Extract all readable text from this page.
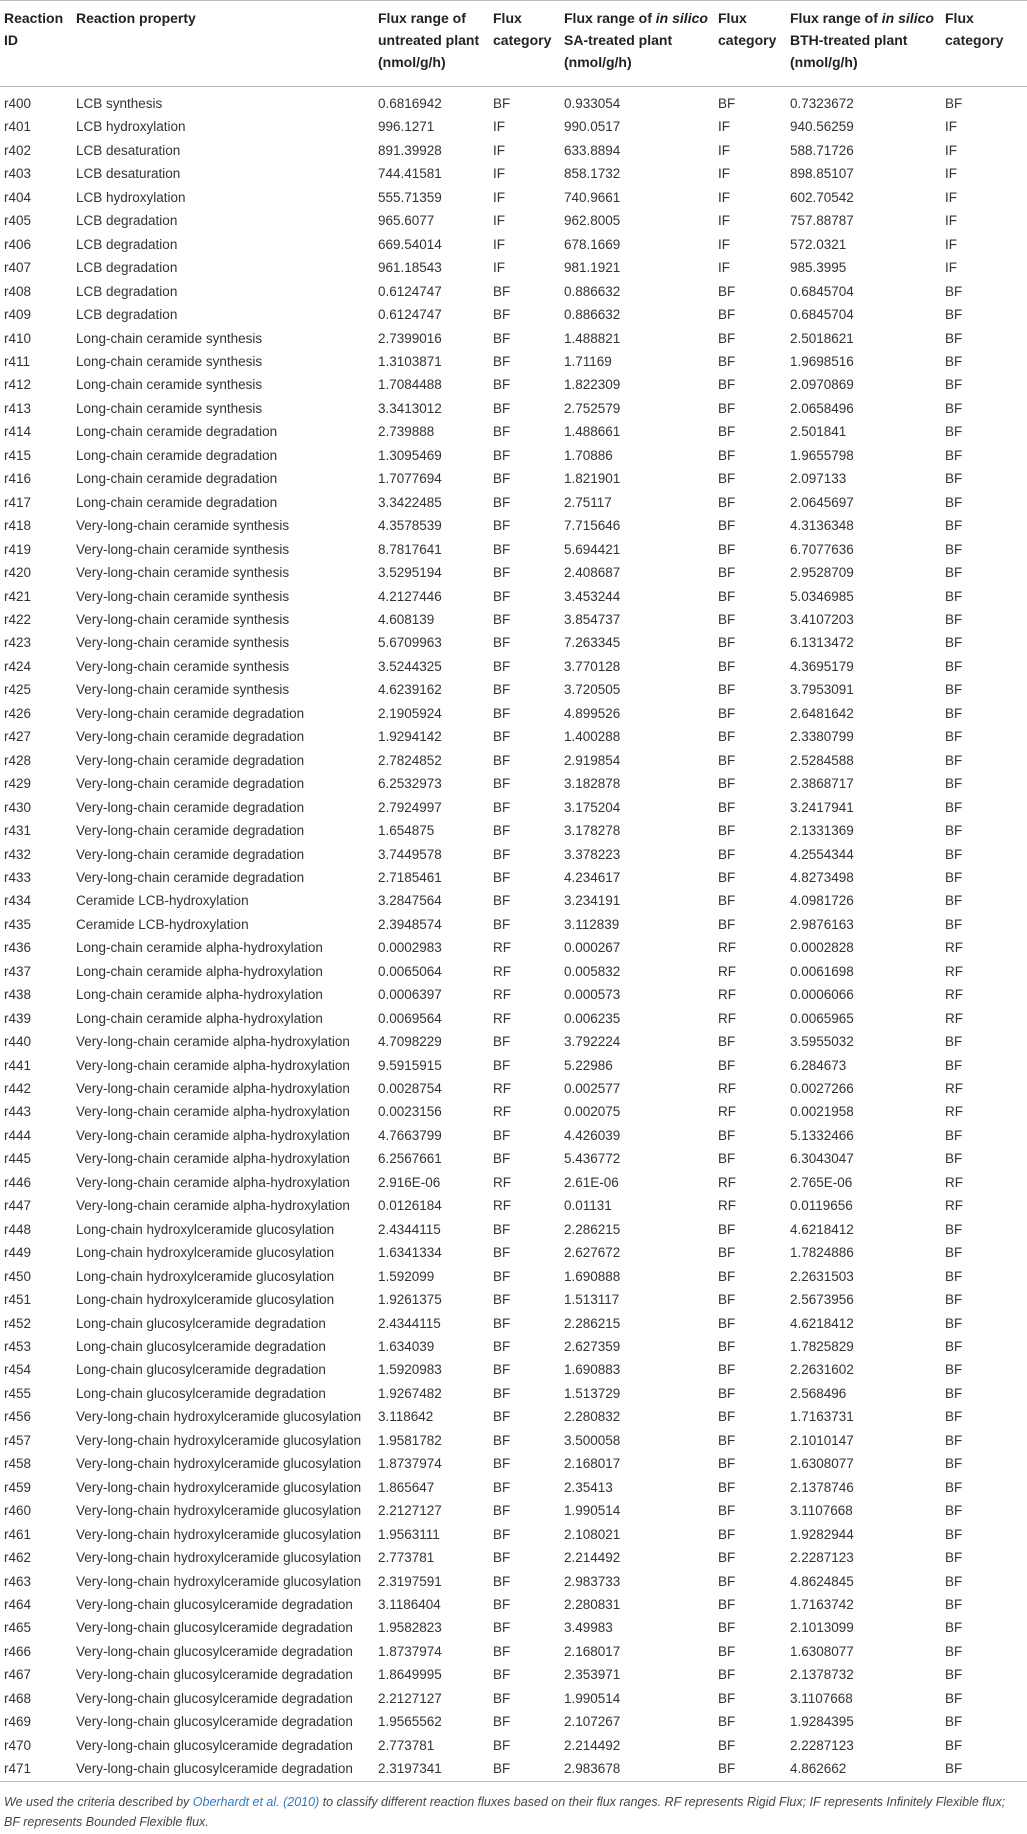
Reaction ID	Reaction property	Flux range of untreated plant (nmol/g/h)	Flux category	Flux range of in silico SA-treated plant (nmol/g/h)	Flux category	Flux range of in silico BTH-treated plant (nmol/g/h)	Flux category
r400	LCB synthesis	0.6816942	BF	0.933054	BF	0.7323672	BF
r401	LCB hydroxylation	996.1271	IF	990.0517	IF	940.56259	IF
r402	LCB desaturation	891.39928	IF	633.8894	IF	588.71726	IF
r403	LCB desaturation	744.41581	IF	858.1732	IF	898.85107	IF
r404	LCB hydroxylation	555.71359	IF	740.9661	IF	602.70542	IF
r405	LCB degradation	965.6077	IF	962.8005	IF	757.88787	IF
r406	LCB degradation	669.54014	IF	678.1669	IF	572.0321	IF
r407	LCB degradation	961.18543	IF	981.1921	IF	985.3995	IF
r408	LCB degradation	0.6124747	BF	0.886632	BF	0.6845704	BF
r409	LCB degradation	0.6124747	BF	0.886632	BF	0.6845704	BF
r410	Long-chain ceramide synthesis	2.7399016	BF	1.488821	BF	2.5018621	BF
r411	Long-chain ceramide synthesis	1.3103871	BF	1.71169	BF	1.9698516	BF
r412	Long-chain ceramide synthesis	1.7084488	BF	1.822309	BF	2.0970869	BF
r413	Long-chain ceramide synthesis	3.3413012	BF	2.752579	BF	2.0658496	BF
r414	Long-chain ceramide degradation	2.739888	BF	1.488661	BF	2.501841	BF
r415	Long-chain ceramide degradation	1.3095469	BF	1.70886	BF	1.9655798	BF
r416	Long-chain ceramide degradation	1.7077694	BF	1.821901	BF	2.097133	BF
r417	Long-chain ceramide degradation	3.3422485	BF	2.75117	BF	2.0645697	BF
r418	Very-long-chain ceramide synthesis	4.3578539	BF	7.715646	BF	4.3136348	BF
r419	Very-long-chain ceramide synthesis	8.7817641	BF	5.694421	BF	6.7077636	BF
r420	Very-long-chain ceramide synthesis	3.5295194	BF	2.408687	BF	2.9528709	BF
r421	Very-long-chain ceramide synthesis	4.2127446	BF	3.453244	BF	5.0346985	BF
r422	Very-long-chain ceramide synthesis	4.608139	BF	3.854737	BF	3.4107203	BF
r423	Very-long-chain ceramide synthesis	5.6709963	BF	7.263345	BF	6.1313472	BF
r424	Very-long-chain ceramide synthesis	3.5244325	BF	3.770128	BF	4.3695179	BF
r425	Very-long-chain ceramide synthesis	4.6239162	BF	3.720505	BF	3.7953091	BF
r426	Very-long-chain ceramide degradation	2.1905924	BF	4.899526	BF	2.6481642	BF
r427	Very-long-chain ceramide degradation	1.9294142	BF	1.400288	BF	2.3380799	BF
r428	Very-long-chain ceramide degradation	2.7824852	BF	2.919854	BF	2.5284588	BF
r429	Very-long-chain ceramide degradation	6.2532973	BF	3.182878	BF	2.3868717	BF
r430	Very-long-chain ceramide degradation	2.7924997	BF	3.175204	BF	3.2417941	BF
r431	Very-long-chain ceramide degradation	1.654875	BF	3.178278	BF	2.1331369	BF
r432	Very-long-chain ceramide degradation	3.7449578	BF	3.378223	BF	4.2554344	BF
r433	Very-long-chain ceramide degradation	2.7185461	BF	4.234617	BF	4.8273498	BF
r434	Ceramide LCB-hydroxylation	3.2847564	BF	3.234191	BF	4.0981726	BF
r435	Ceramide LCB-hydroxylation	2.3948574	BF	3.112839	BF	2.9876163	BF
r436	Long-chain ceramide alpha-hydroxylation	0.0002983	RF	0.000267	RF	0.0002828	RF
r437	Long-chain ceramide alpha-hydroxylation	0.0065064	RF	0.005832	RF	0.0061698	RF
r438	Long-chain ceramide alpha-hydroxylation	0.0006397	RF	0.000573	RF	0.0006066	RF
r439	Long-chain ceramide alpha-hydroxylation	0.0069564	RF	0.006235	RF	0.0065965	RF
r440	Very-long-chain ceramide alpha-hydroxylation	4.7098229	BF	3.792224	BF	3.5955032	BF
r441	Very-long-chain ceramide alpha-hydroxylation	9.5915915	BF	5.22986	BF	6.284673	BF
r442	Very-long-chain ceramide alpha-hydroxylation	0.0028754	RF	0.002577	RF	0.0027266	RF
r443	Very-long-chain ceramide alpha-hydroxylation	0.0023156	RF	0.002075	RF	0.0021958	RF
r444	Very-long-chain ceramide alpha-hydroxylation	4.7663799	BF	4.426039	BF	5.1332466	BF
r445	Very-long-chain ceramide alpha-hydroxylation	6.2567661	BF	5.436772	BF	6.3043047	BF
r446	Very-long-chain ceramide alpha-hydroxylation	2.916E-06	RF	2.61E-06	RF	2.765E-06	RF
r447	Very-long-chain ceramide alpha-hydroxylation	0.0126184	RF	0.01131	RF	0.0119656	RF
r448	Long-chain hydroxylceramide glucosylation	2.4344115	BF	2.286215	BF	4.6218412	BF
r449	Long-chain hydroxylceramide glucosylation	1.6341334	BF	2.627672	BF	1.7824886	BF
r450	Long-chain hydroxylceramide glucosylation	1.592099	BF	1.690888	BF	2.2631503	BF
r451	Long-chain hydroxylceramide glucosylation	1.9261375	BF	1.513117	BF	2.5673956	BF
r452	Long-chain glucosylceramide degradation	2.4344115	BF	2.286215	BF	4.6218412	BF
r453	Long-chain glucosylceramide degradation	1.634039	BF	2.627359	BF	1.7825829	BF
r454	Long-chain glucosylceramide degradation	1.5920983	BF	1.690883	BF	2.2631602	BF
r455	Long-chain glucosylceramide degradation	1.9267482	BF	1.513729	BF	2.568496	BF
r456	Very-long-chain hydroxylceramide glucosylation	3.118642	BF	2.280832	BF	1.7163731	BF
r457	Very-long-chain hydroxylceramide glucosylation	1.9581782	BF	3.500058	BF	2.1010147	BF
r458	Very-long-chain hydroxylceramide glucosylation	1.8737974	BF	2.168017	BF	1.6308077	BF
r459	Very-long-chain hydroxylceramide glucosylation	1.865647	BF	2.35413	BF	2.1378746	BF
r460	Very-long-chain hydroxylceramide glucosylation	2.2127127	BF	1.990514	BF	3.1107668	BF
r461	Very-long-chain hydroxylceramide glucosylation	1.9563111	BF	2.108021	BF	1.9282944	BF
r462	Very-long-chain hydroxylceramide glucosylation	2.773781	BF	2.214492	BF	2.2287123	BF
r463	Very-long-chain hydroxylceramide glucosylation	2.3197591	BF	2.983733	BF	4.8624845	BF
r464	Very-long-chain glucosylceramide degradation	3.1186404	BF	2.280831	BF	1.7163742	BF
r465	Very-long-chain glucosylceramide degradation	1.9582823	BF	3.49983	BF	2.1013099	BF
r466	Very-long-chain glucosylceramide degradation	1.8737974	BF	2.168017	BF	1.6308077	BF
r467	Very-long-chain glucosylceramide degradation	1.8649995	BF	2.353971	BF	2.1378732	BF
r468	Very-long-chain glucosylceramide degradation	2.2127127	BF	1.990514	BF	3.1107668	BF
r469	Very-long-chain glucosylceramide degradation	1.9565562	BF	2.107267	BF	1.9284395	BF
r470	Very-long-chain glucosylceramide degradation	2.773781	BF	2.214492	BF	2.2287123	BF
r471	Very-long-chain glucosylceramide degradation	2.3197341	BF	2.983678	BF	4.862662	BF
We used the criteria described by Oberhardt et al. (2010) to classify different reaction fluxes based on their flux ranges. RF represents Rigid Flux; IF represents Infinitely Flexible flux; BF represents Bounded Flexible flux.
